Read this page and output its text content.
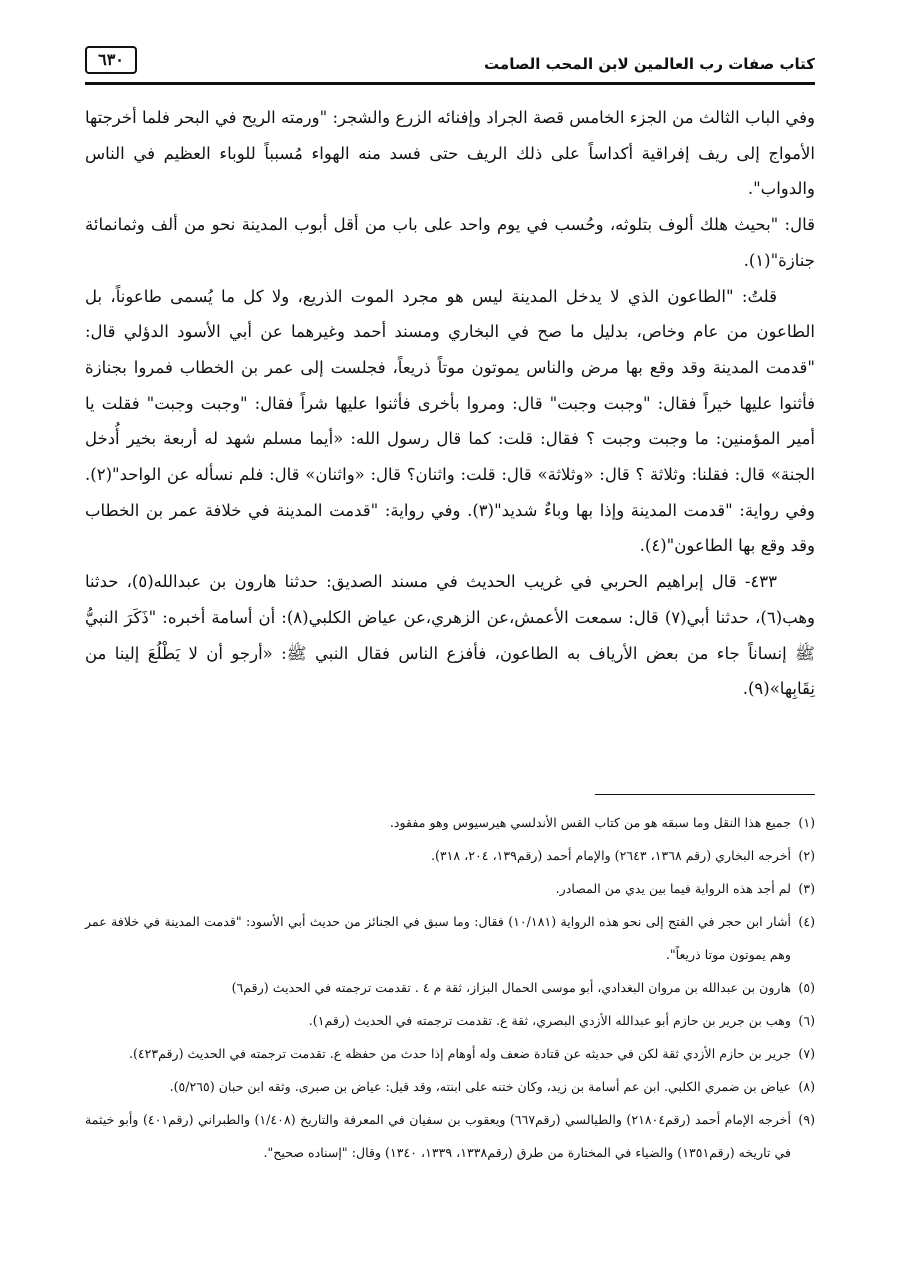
كتاب صفات رب العالمين لابن المحب الصامت
٦٣٠

وفي الباب الثالث من الجزء الخامس قصة الجراد وإفنائه الزرع والشجر: "ورمته الريح في البحر فلما أخرجتها الأمواج إلى ريف إفراقية أكداساً على ذلك الريف حتى فسد منه الهواء مُسبباً للوباء العظيم في الناس والدواب".

قال: "بحيث هلك ألوف بتلوثه، وحُسب في يوم واحد على باب من أقل أبوب المدينة نحو من ألف وثمانمائة جنازة"(١).

قلتُ: "الطاعون الذي لا يدخل المدينة ليس هو مجرد الموت الذريع، ولا كل ما يُسمى طاعوناً، بل الطاعون من عام وخاص، بدليل ما صح في البخاري ومسند أحمد وغيرهما عن أبي الأسود الدؤلي قال: "قدمت المدينة وقد وقع بها مرض والناس يموتون موتاً ذريعاً، فجلست إلى عمر بن الخطاب فمروا بجنازة فأثنوا عليها خيراً فقال: "وجبت وجبت" قال: ومروا بأخرى فأثنوا عليها شراً فقال: "وجبت وجبت" فقلت يا أمير المؤمنين: ما وجبت وجبت ؟ فقال: قلت: كما قال رسول الله: «أيما مسلم شهد له أربعة بخير أُدخل الجنة» قال: فقلنا: وثلاثة ؟ قال: «وثلاثة» قال: قلت: واثنان؟ قال: «واثنان» قال: فلم نسأله عن الواحد"(٢). وفي رواية: "قدمت المدينة وإذا بها وباءٌ شديد"(٣). وفي رواية: "قدمت المدينة في خلافة عمر بن الخطاب وقد وقع بها الطاعون"(٤).

٤٣٣- قال إبراهيم الحربي في غريب الحديث في مسند الصديق: حدثنا هارون بن عبدالله(٥)، حدثنا وهب(٦)، حدثنا أبي(٧) قال: سمعت الأعمش،عن الزهري،عن عياض الكلبي(٨): أن أسامة أخبره: "ذَكَرَ النبيُّ ﷺ إنساناً جاء من بعض الأرياف به الطاعون، فأفزع الناس فقال النبي ﷺ: «أرجو أن لا يَطْلُعَ إلينا من نِقَابِها»(٩).

(١)
جميع هذا النقل وما سبقه هو من كتاب القس الأندلسي هيرسيوس وهو مفقود.
(٢)
أخرجه البخاري (رقم ١٣٦٨، ٢٦٤٣) والإمام أحمد (رقم١٣٩، ٢٠٤، ٣١٨).
(٣)
لم أجد هذه الرواية فيما بين يدي من المصادر.
(٤)
أشار ابن حجر في الفتح إلى نحو هذه الرواية (١٠/١٨١) فقال: وما سبق في الجنائز من حديث أبي الأسود: "قدمت المدينة في خلافة عمر وهم يموتون موتا ذريعاً".
(٥)
هارون بن عبدالله بن مروان البغدادي، أبو موسى الحمال البزاز، ثقة م ٤ . تقدمت ترجمته في الحديث (رقم٦)
(٦)
وهب بن جرير بن حازم أبو عبدالله الأزدي البصري، ثقة ع. تقدمت ترجمته في الحديث (رقم١).
(٧)
جرير بن حازم الأزدي ثقة لكن في حديثه عن قتادة ضعف وله أوهام إذا حدث من حفظه ع. تقدمت ترجمته في الحديث (رقم٤٢٣).
(٨)
عياض بن ضمري الكلبي. ابن عم أسامة بن زيد، وكان ختنه على ابنته، وقد قيل: عياض بن صبرى. وثقه ابن حبان (٥/٢٦٥).
(٩)
أخرجه الإمام أحمد (رقم٢١٨٠٤) والطيالسي (رقم٦٦٧) ويعقوب بن سفيان في المعرفة والتاريخ (١/٤٠٨) والطبراني (رقم٤٠١) وأبو خيثمة في تاريخه (رقم١٣٥١) والضياء في المختارة من طرق (رقم١٣٣٨، ١٣٣٩، ١٣٤٠) وقال: "إسناده صحيح".
